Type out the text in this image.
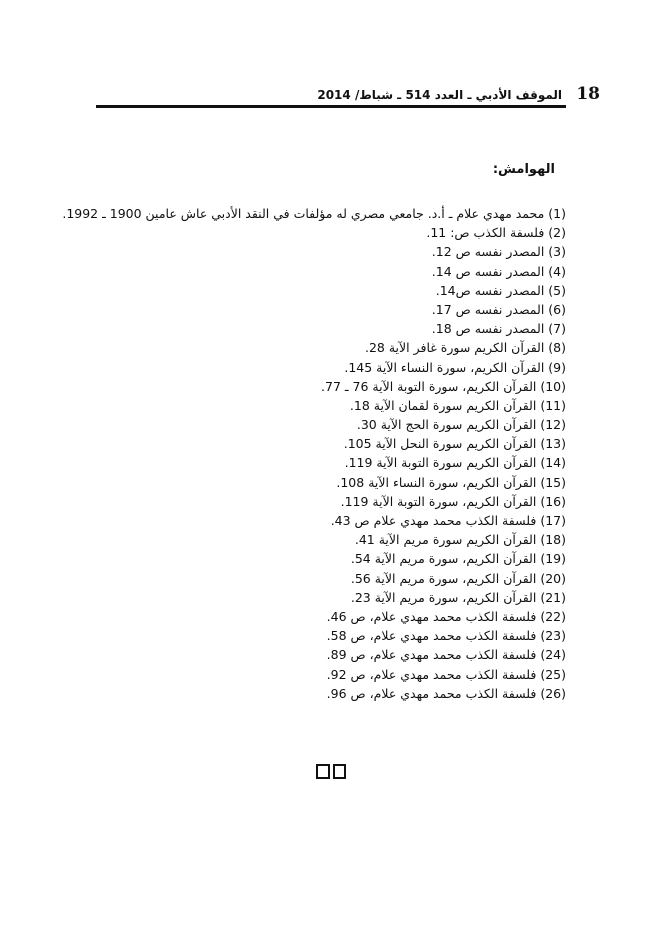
18
الموقف الأدبي ـ العدد 514 ـ شباط/ 2014
الهوامش:
(1) محمد مهدي علام ـ أ.د. جامعي مصري له مؤلفات في النقد الأدبي عاش عامين 1900 ـ 1992.
(2) فلسفة الكذب ص: 11.
(3) المصدر نفسه ص 12.
(4) المصدر نفسه ص 14.
(5) المصدر نفسه ص14.
(6) المصدر نفسه ص 17.
(7) المصدر نفسه ص 18.
(8) القرآن الكريم سورة غافر الآية 28.
(9) القرآن الكريم، سورة النساء الآية 145.
(10) القرآن الكريم، سورة التوبة الآية 76 ـ 77.
(11) القرآن الكريم سورة لقمان الآية 18.
(12) القرآن الكريم سورة الحج الآية 30.
(13) القرآن الكريم سورة النحل الآية 105.
(14) القرآن الكريم سورة التوبة الآية 119.
(15) القرآن الكريم، سورة النساء الآية 108.
(16) القرآن الكريم، سورة التوبة الآية 119.
(17) فلسفة الكذب محمد مهدي علام ص 43.
(18) القرآن الكريم سورة مريم الآية 41.
(19) القرآن الكريم، سورة مريم الآية 54.
(20) القرآن الكريم، سورة مريم الآية 56.
(21) القرآن الكريم، سورة مريم الآية 23.
(22) فلسفة الكذب محمد مهدي علام، ص 46.
(23) فلسفة الكذب محمد مهدي علام، ص 58.
(24) فلسفة الكذب محمد مهدي علام، ص 89.
(25) فلسفة الكذب محمد مهدي علام، ص 92.
(26) فلسفة الكذب محمد مهدي علام، ص 96.
